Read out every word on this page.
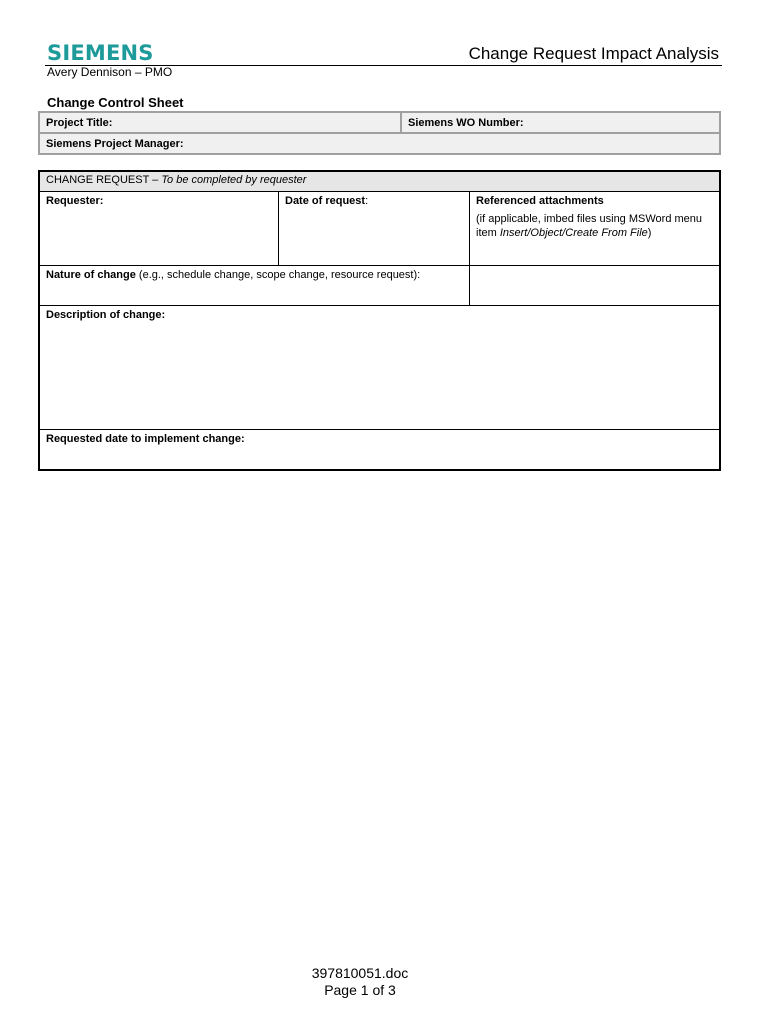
SIEMENS	Change Request Impact Analysis
Avery Dennison – PMO
Change Control Sheet
Project Title:	Siemens WO Number:
Siemens Project Manager:
CHANGE REQUEST – To be completed by requester		
Requester:	Date of request:	Referenced attachments
(if applicable, imbed files using MSWord menu item Insert/Object/Create From File)

Nature of change (e.g., schedule change, scope change, resource request):		
Description of change:		
Requested date to implement change:		
397810051.doc
Page 1 of 3
